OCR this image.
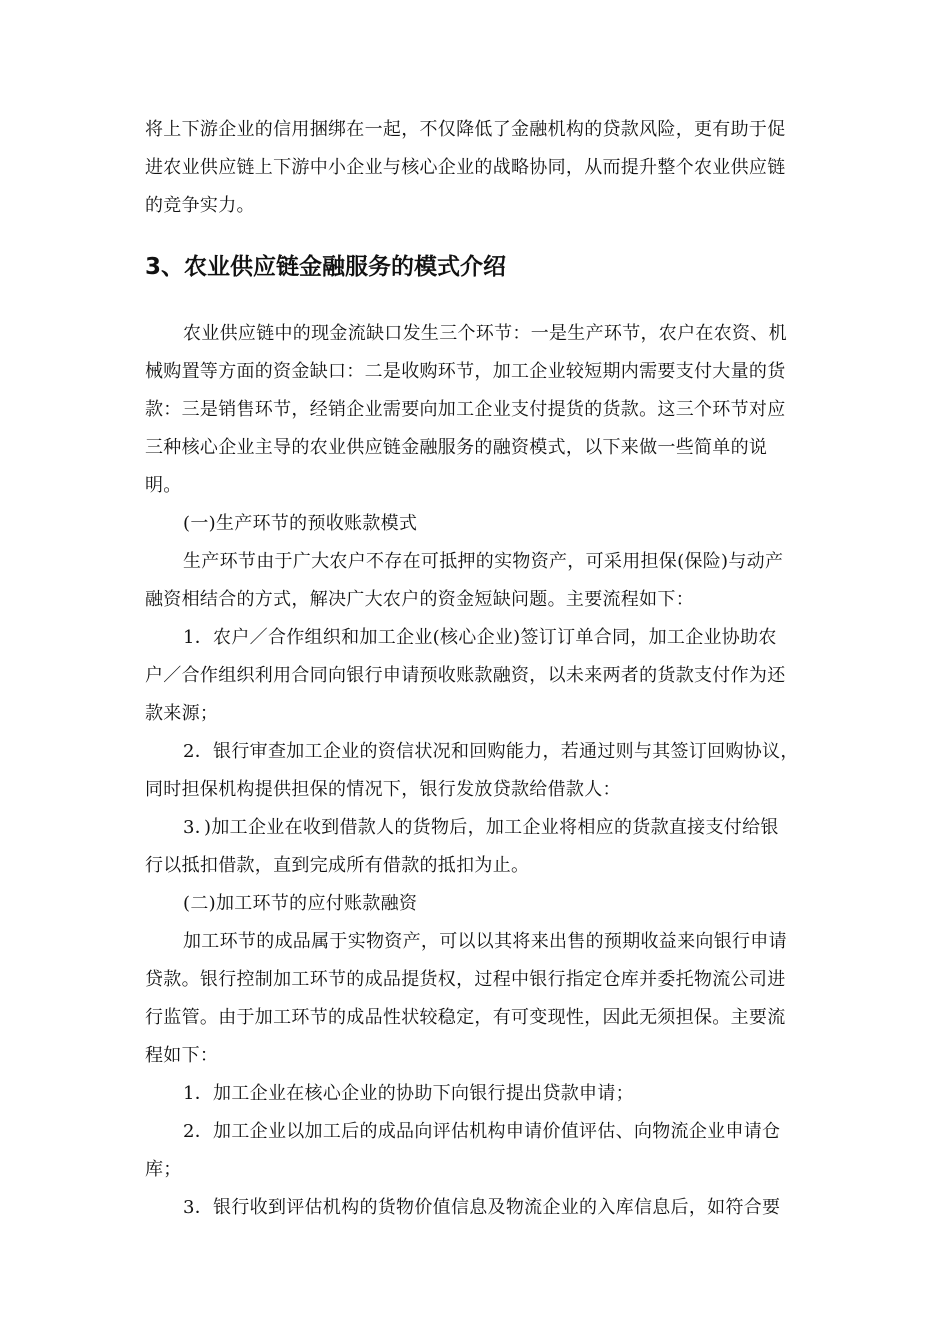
将上下游企业的信用捆绑在一起，不仅降低了金融机构的贷款风险，更有助于促
进农业供应链上下游中小企业与核心企业的战略协同，从而提升整个农业供应链
的竞争实力。
3、农业供应链金融服务的模式介绍
农业供应链中的现金流缺口发生三个环节：一是生产环节，农户在农资、机
械购置等方面的资金缺口：二是收购环节，加工企业较短期内需要支付大量的货
款：三是销售环节，经销企业需要向加工企业支付提货的货款。这三个环节对应
三种核心企业主导的农业供应链金融服务的融资模式，以下来做一些简单的说
明。
(一)生产环节的预收账款模式
生产环节由于广大农户不存在可抵押的实物资产，可采用担保(保险)与动产
融资相结合的方式，解决广大农户的资金短缺问题。主要流程如下：
1．农户／合作组织和加工企业(核心企业)签订订单合同，加工企业协助农
户／合作组织利用合同向银行申请预收账款融资，以未来两者的货款支付作为还
款来源；
2．银行审查加工企业的资信状况和回购能力，若通过则与其签订回购协议，
同时担保机构提供担保的情况下，银行发放贷款给借款人：
3．)加工企业在收到借款人的货物后，加工企业将相应的货款直接支付给银
行以抵扣借款，直到完成所有借款的抵扣为止。
(二)加工环节的应付账款融资
加工环节的成品属于实物资产，可以以其将来出售的预期收益来向银行申请
贷款。银行控制加工环节的成品提货权，过程中银行指定仓库并委托物流公司进
行监管。由于加工环节的成品性状较稳定，有可变现性，因此无须担保。主要流
程如下：
1．加工企业在核心企业的协助下向银行提出贷款申请；
2．加工企业以加工后的成品向评估机构申请价值评估、向物流企业申请仓
库；
3．银行收到评估机构的货物价值信息及物流企业的入库信息后，如符合要
